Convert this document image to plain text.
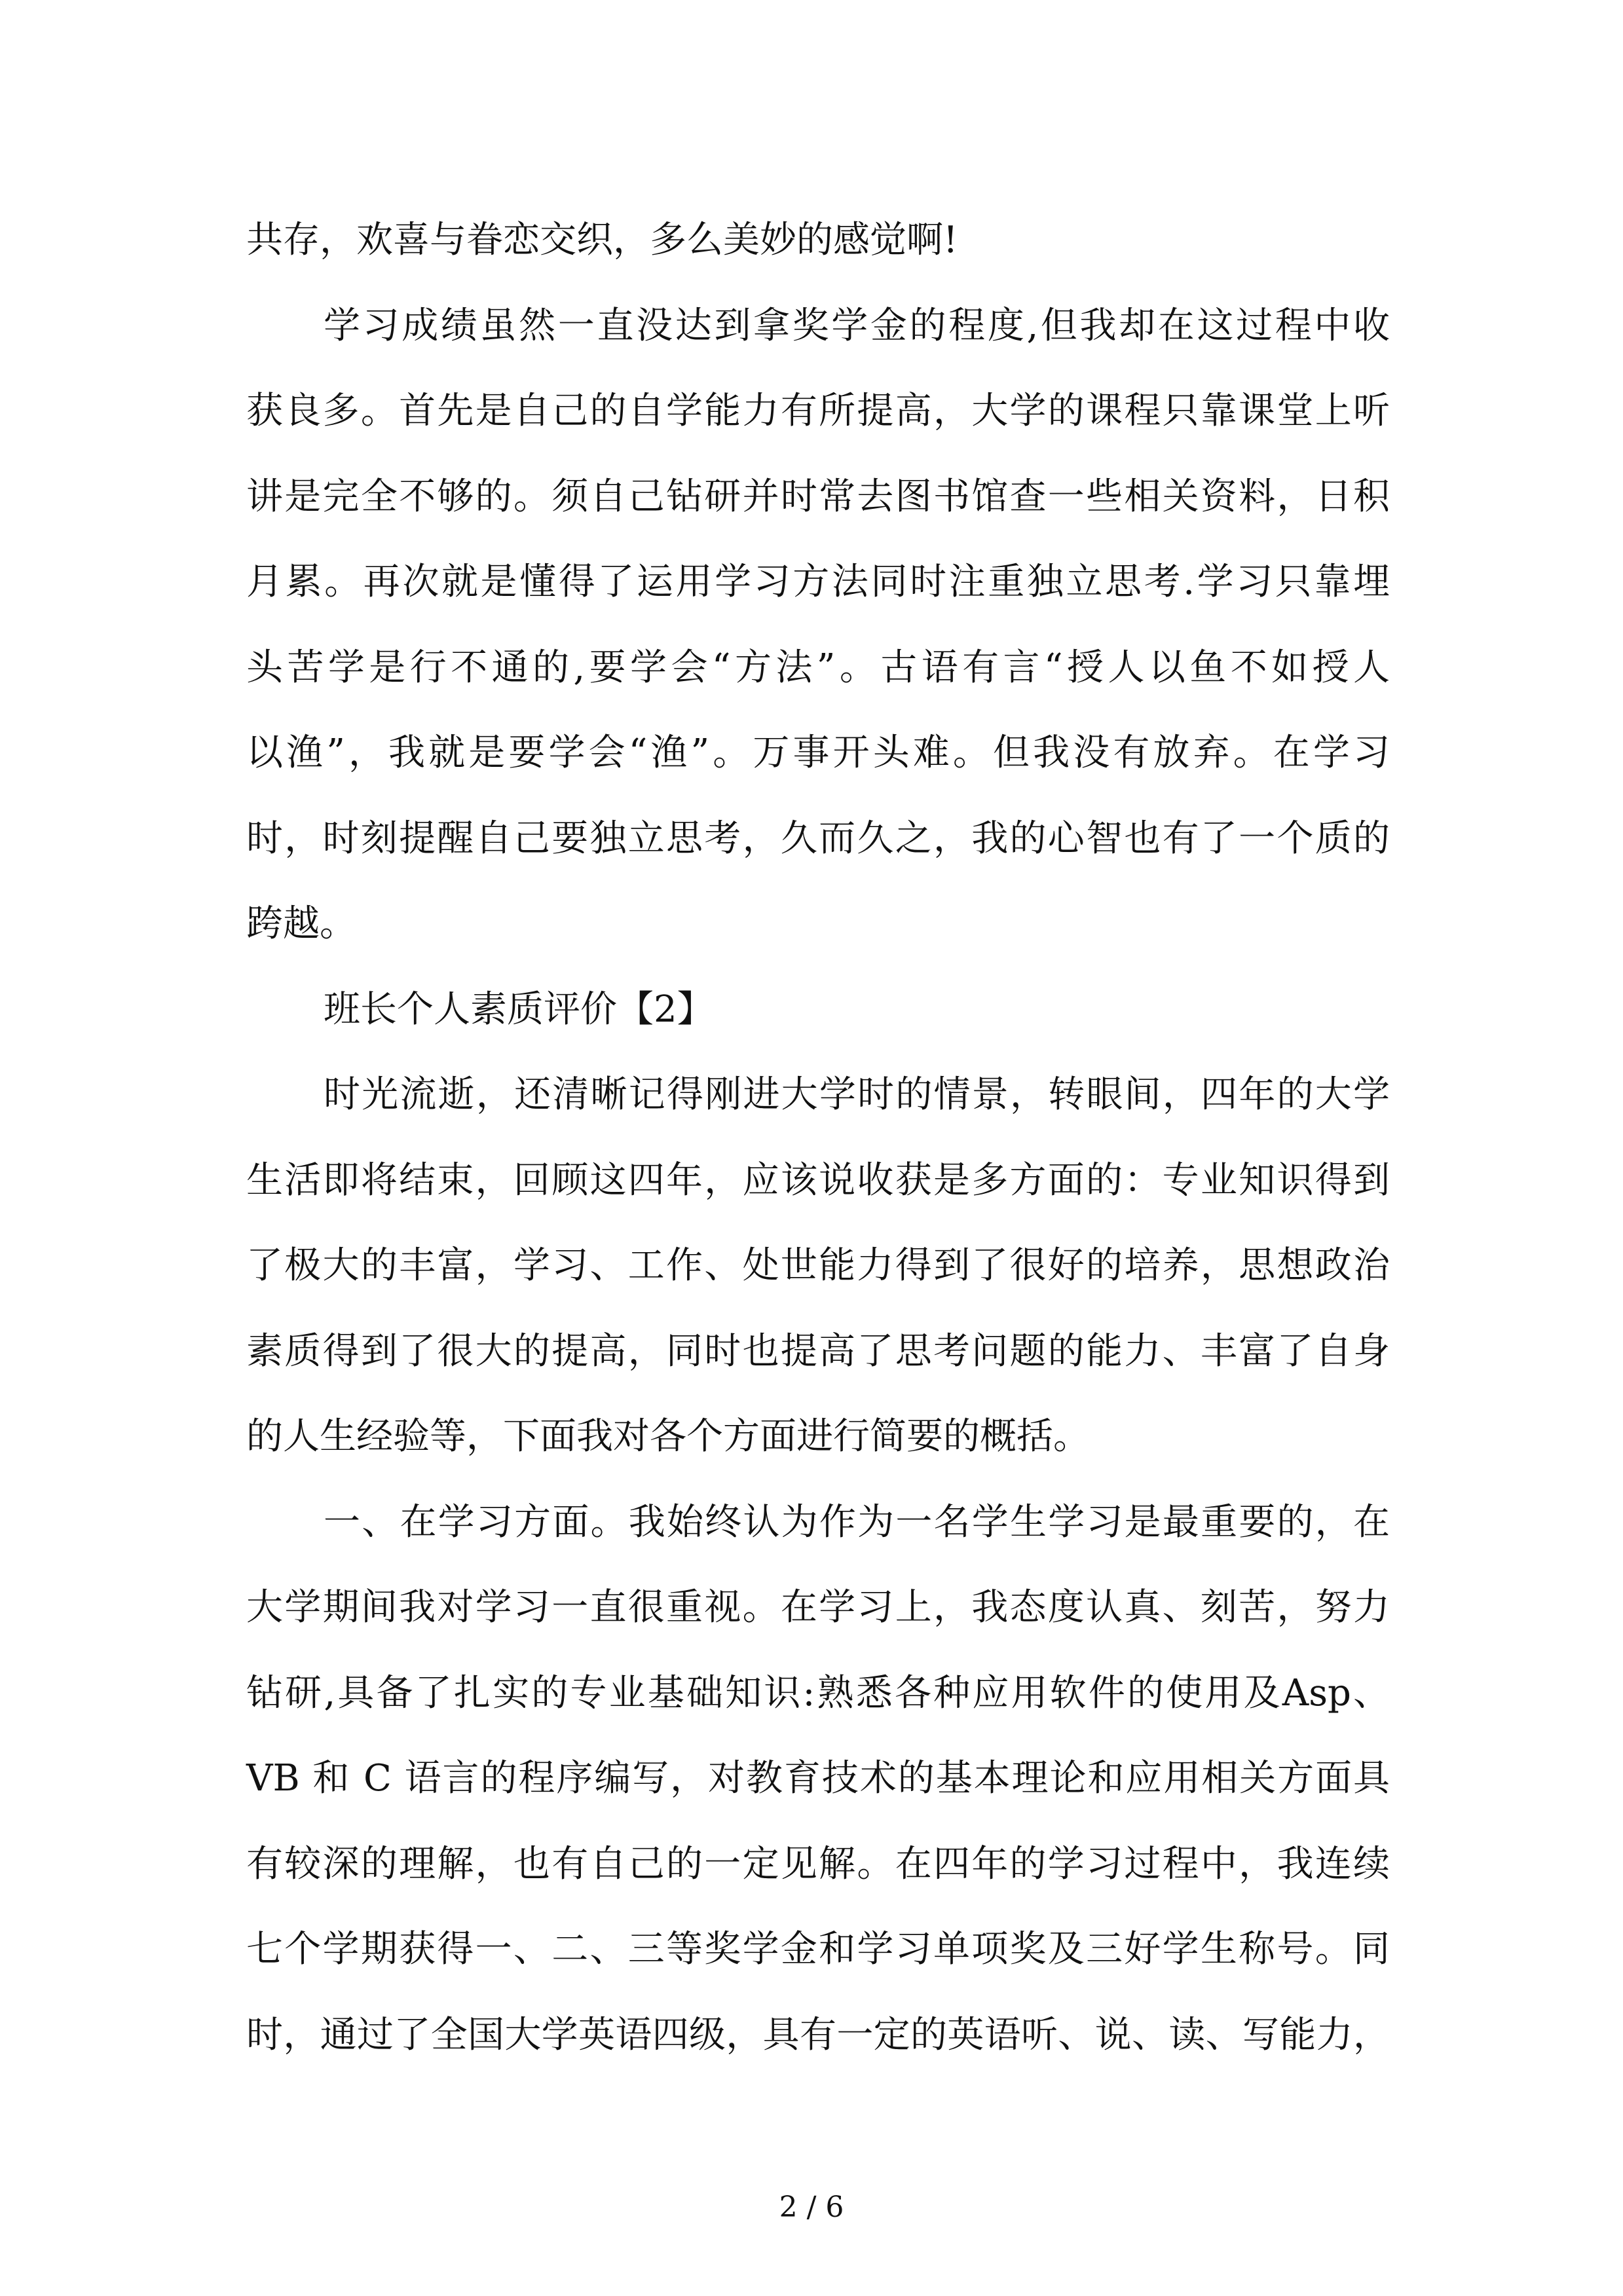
共存，欢喜与眷恋交织，多么美妙的感觉啊!
学习成绩虽然一直没达到拿奖学金的程度,但我却在这过程中收
获良多。首先是自己的自学能力有所提高，大学的课程只靠课堂上听
讲是完全不够的。须自己钻研并时常去图书馆查一些相关资料，日积
月累。再次就是懂得了运用学习方法同时注重独立思考.学习只靠埋
头苦学是行不通的,要学会“方法”。古语有言“授人以鱼不如授人
以渔”，我就是要学会“渔”。万事开头难。但我没有放弃。在学习
时，时刻提醒自己要独立思考，久而久之，我的心智也有了一个质的
跨越。
班长个人素质评价【2】
时光流逝，还清晰记得刚进大学时的情景，转眼间，四年的大学
生活即将结束，回顾这四年，应该说收获是多方面的：专业知识得到
了极大的丰富，学习、工作、处世能力得到了很好的培养，思想政治
素质得到了很大的提高，同时也提高了思考问题的能力、丰富了自身
的人生经验等，下面我对各个方面进行简要的概括。
一、在学习方面。我始终认为作为一名学生学习是最重要的，在
大学期间我对学习一直很重视。在学习上，我态度认真、刻苦，努力
钻研,具备了扎实的专业基础知识:熟悉各种应用软件的使用及Asp、
VB 和 C 语言的程序编写，对教育技术的基本理论和应用相关方面具
有较深的理解，也有自己的一定见解。在四年的学习过程中，我连续
七个学期获得一、二、三等奖学金和学习单项奖及三好学生称号。同
时，通过了全国大学英语四级，具有一定的英语听、说、读、写能力，
2 / 6
